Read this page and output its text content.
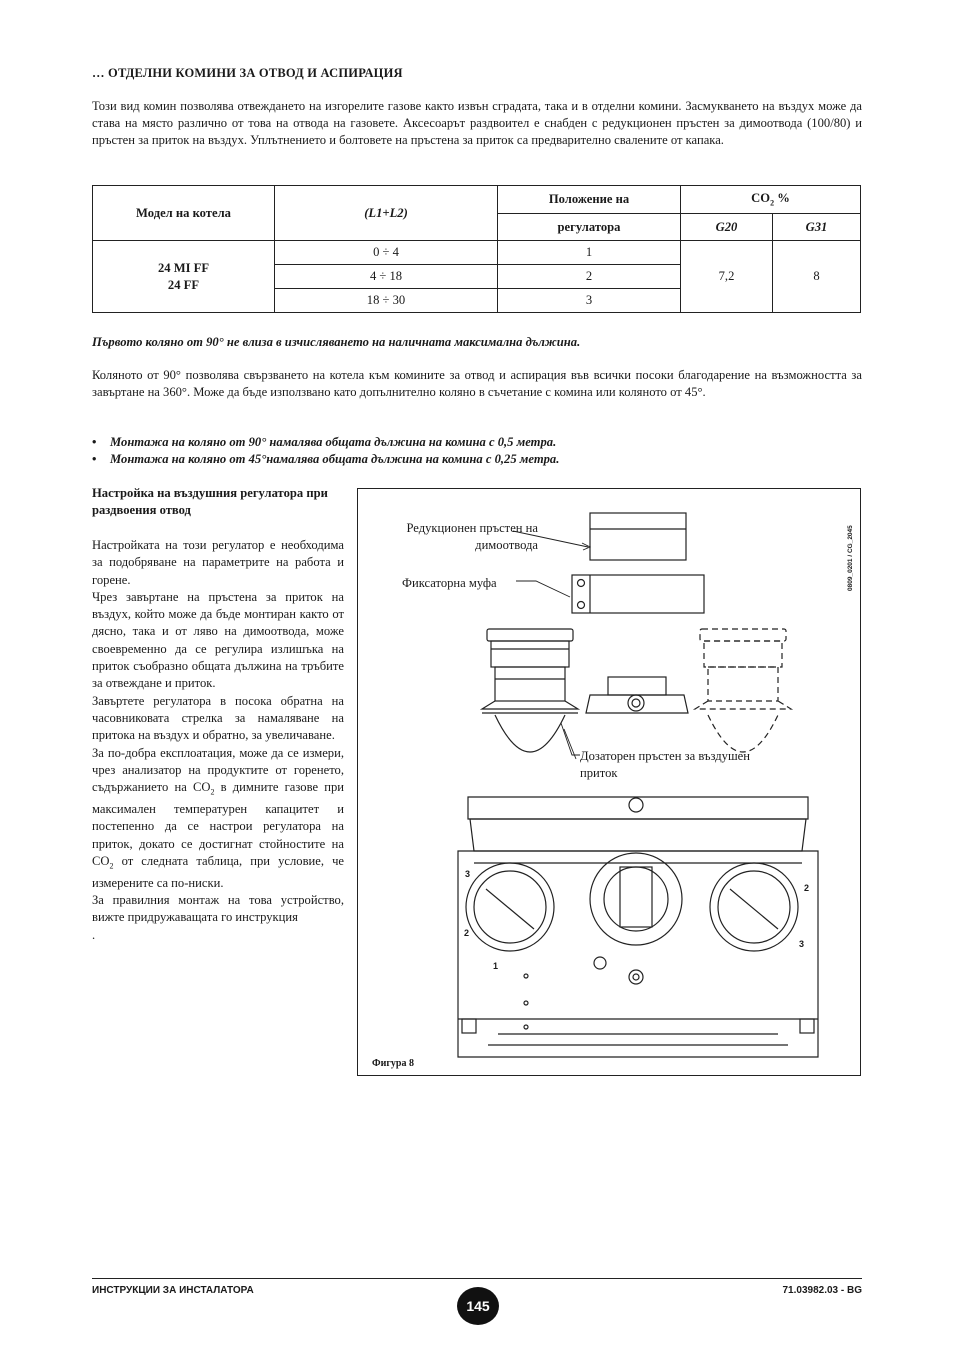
… ОТДЕЛНИ КОМИНИ ЗА ОТВОД И АСПИРАЦИЯ
Този вид комин позволява отвеждането на изгорелите газове както извън сградата, така и в отделни комини. Засмукването на въздух може да става на място различно от това на отвода на газовете. Аксесоарът раздвоител е снабден с редукционен пръстен за димоотвода (100/80) и пръстен за приток на въздух. Уплътнението и болтовете на пръстена за приток са предварително свалените от капака.
Модел на котела	(L1+L2)	Положение на	$CO_2$ %	
		регулатора	G20	G31
24 MI FF
24 FF	0 ÷ 4	1	7,2	8
	4 ÷ 18	2		
	18 ÷ 30	3		
Първото коляно от 90° не влиза в изчисляването на наличната максимална дължина.
Коляното от 90° позволява свързването на котела към комините за отвод и аспирация във всички посоки благодарение на възможността за завъртане на 360°. Може да бъде използвано като допълнително коляно в съчетание с комина или коляното от 45°.
• Монтажа на коляно от 90° намалява общата дължина на комина с 0,5 метра.
• Монтажа на коляно от 45°намалява общата дължина на комина с 0,25 метра.
Настройка на въздушния регулатора при раздвоения отвод

Настройката на този регулатор е необходима за подобряване на параметрите на работа и горене.

Чрез завъртане на пръстена за приток на въздух, който може да бъде монтиран както от дясно, така и от ляво на димоотвода, може своевременно да се регулира излишъка на приток съобразно общата дължина на тръбите за отвеждане и приток.

Завъртете регулатора в посока обратна на часовниковата стрелка за намаляване на притока на въздух и обратно, за увеличаване.

За по-добра експлоатация, може да се измери, чрез анализатор на продуктите от горенето, съдържанието на $CO_2$ в димните газове при максимален температурен капацитет и постепенно да се настрои регулатора на приток, докато се достигнат стойностите на $CO_2$ от следната таблица, при условие, че измерените са по-ниски.

За правилния монтаж на това устройство, вижте придружаващата го инструкция

.

Редукционен пръстен на
димоотвода
Фиксаторна муфа
Дозаторен пръстен за въздушен
приток
0809_0201 / CG_2045
3
2
1
2
3
Фигура 8
ИНСТРУКЦИИ ЗА ИНСТАЛАТОРА
145
71.03982.03 - BG
